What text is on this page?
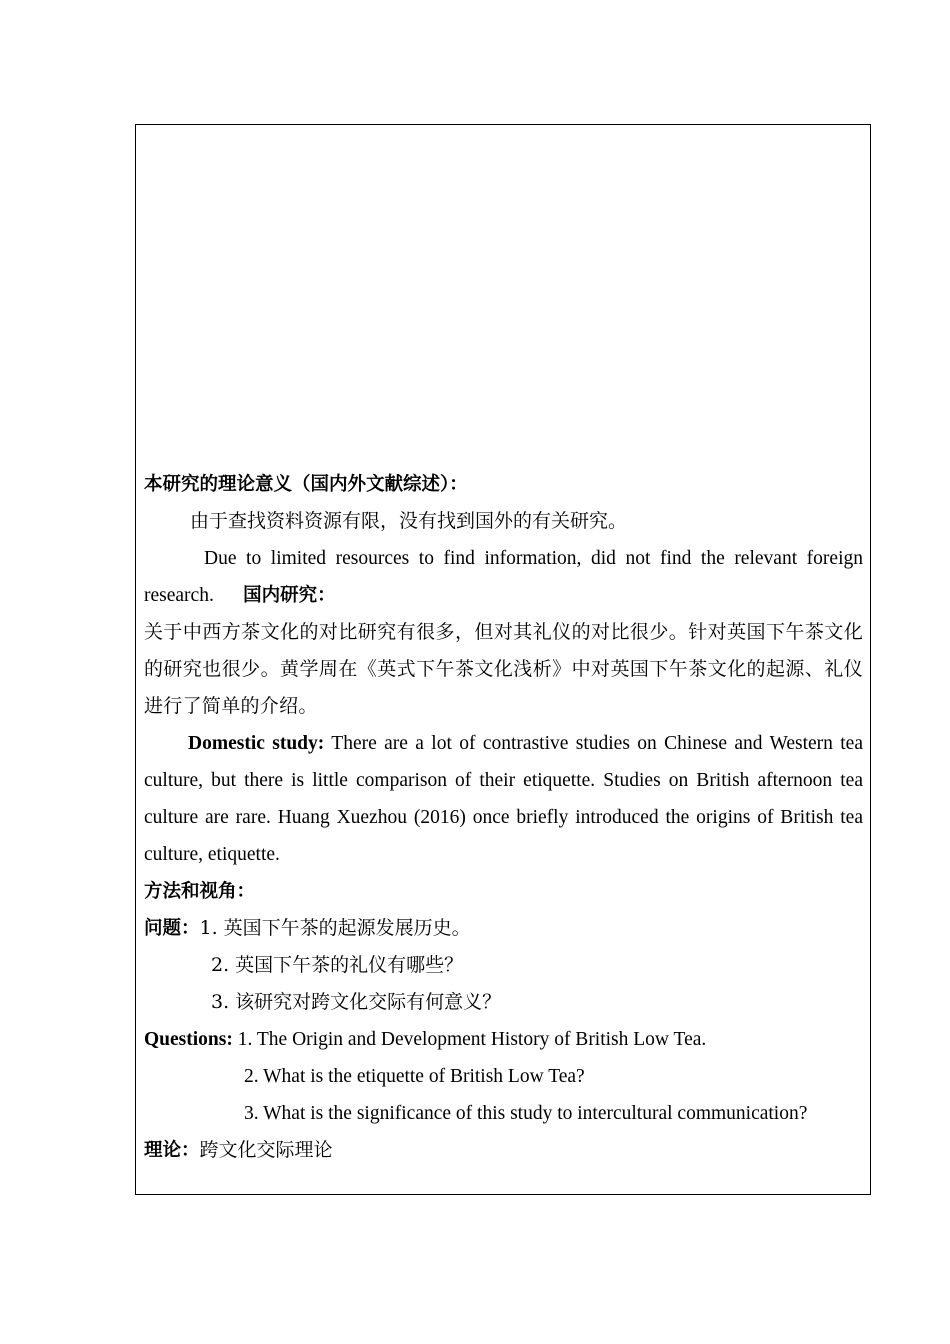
本研究的理论意义（国内外文献综述）：

由于查找资料资源有限，没有找到国外的有关研究。

Due to limited resources to find information, did not find the relevant foreign research. 国内研究：

关于中西方茶文化的对比研究有很多，但对其礼仪的对比很少。针对英国下午茶文化的研究也很少。黄学周在《英式下午茶文化浅析》中对英国下午茶文化的起源、礼仪进行了简单的介绍。

Domestic study: There are a lot of contrastive studies on Chinese and Western tea culture, but there is little comparison of their etiquette. Studies on British afternoon tea culture are rare. Huang Xuezhou (2016) once briefly introduced the origins of British tea culture, etiquette.

方法和视角：

问题：1. 英国下午茶的起源发展历史。

2. 英国下午茶的礼仪有哪些？

3. 该研究对跨文化交际有何意义？

Questions: 1. The Origin and Development History of British Low Tea.

2. What is the etiquette of British Low Tea?

3. What is the significance of this study to intercultural communication?

理论：跨文化交际理论
